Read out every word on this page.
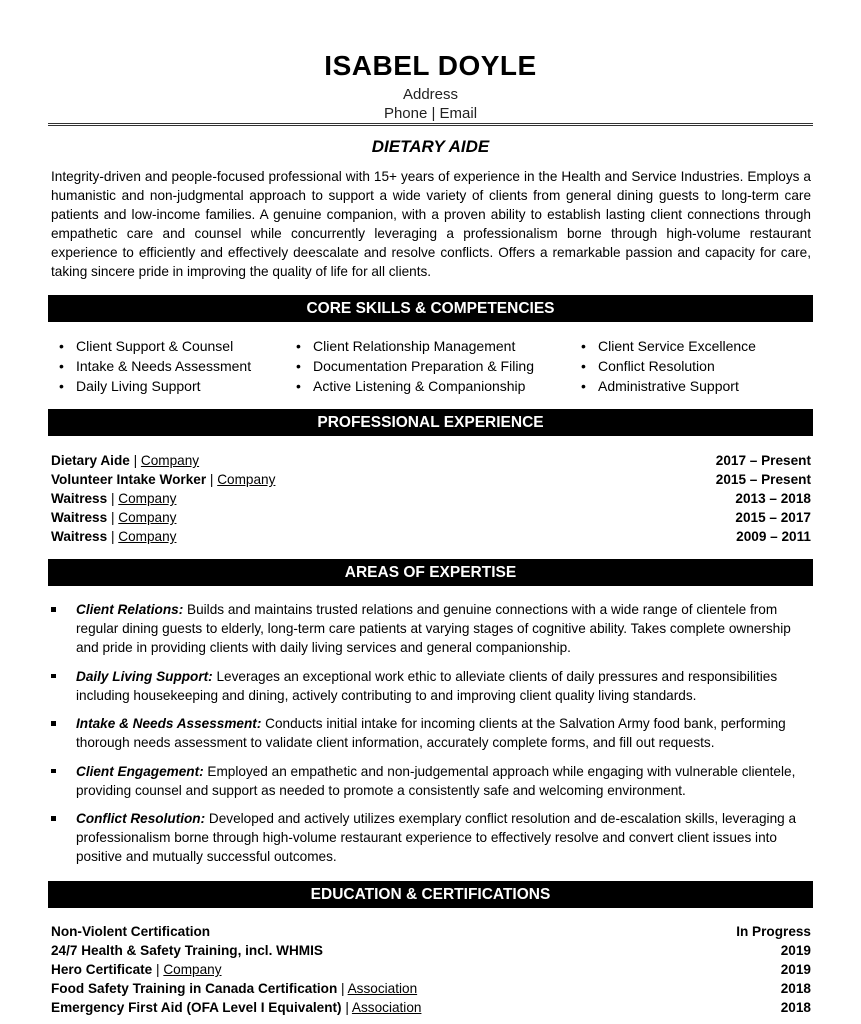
ISABEL DOYLE
Address
Phone | Email
DIETARY AIDE
Integrity-driven and people-focused professional with 15+ years of experience in the Health and Service Industries. Employs a humanistic and non-judgmental approach to support a wide variety of clients from general dining guests to long-term care patients and low-income families. A genuine companion, with a proven ability to establish lasting client connections through empathetic care and counsel while concurrently leveraging a professionalism borne through high-volume restaurant experience to efficiently and effectively deescalate and resolve conflicts. Offers a remarkable passion and capacity for care, taking sincere pride in improving the quality of life for all clients.
CORE SKILLS & COMPETENCIES
• Client Support & Counsel
• Intake & Needs Assessment
• Daily Living Support
• Client Relationship Management
• Documentation Preparation & Filing
• Active Listening & Companionship
• Client Service Excellence
• Conflict Resolution
• Administrative Support
PROFESSIONAL EXPERIENCE
Dietary Aide | Company	2017 – Present
Volunteer Intake Worker | Company	2015 – Present
Waitress | Company	2013 – 2018
Waitress | Company	2015 – 2017
Waitress | Company	2009 – 2011
AREAS OF EXPERTISE
Client Relations: Builds and maintains trusted relations and genuine connections with a wide range of clientele from regular dining guests to elderly, long-term care patients at varying stages of cognitive ability. Takes complete ownership and pride in providing clients with daily living services and general companionship.
Daily Living Support: Leverages an exceptional work ethic to alleviate clients of daily pressures and responsibilities including housekeeping and dining, actively contributing to and improving client quality living standards.
Intake & Needs Assessment: Conducts initial intake for incoming clients at the Salvation Army food bank, performing thorough needs assessment to validate client information, accurately complete forms, and fill out requests.
Client Engagement: Employed an empathetic and non-judgemental approach while engaging with vulnerable clientele, providing counsel and support as needed to promote a consistently safe and welcoming environment.
Conflict Resolution: Developed and actively utilizes exemplary conflict resolution and de-escalation skills, leveraging a professionalism borne through high-volume restaurant experience to effectively resolve and convert client issues into positive and mutually successful outcomes.
EDUCATION & CERTIFICATIONS
Non-Violent Certification	In Progress
24/7 Health & Safety Training, incl. WHMIS	2019
Hero Certificate | Company	2019
Food Safety Training in Canada Certification | Association	2018
Emergency First Aid (OFA Level I Equivalent) | Association	2018
